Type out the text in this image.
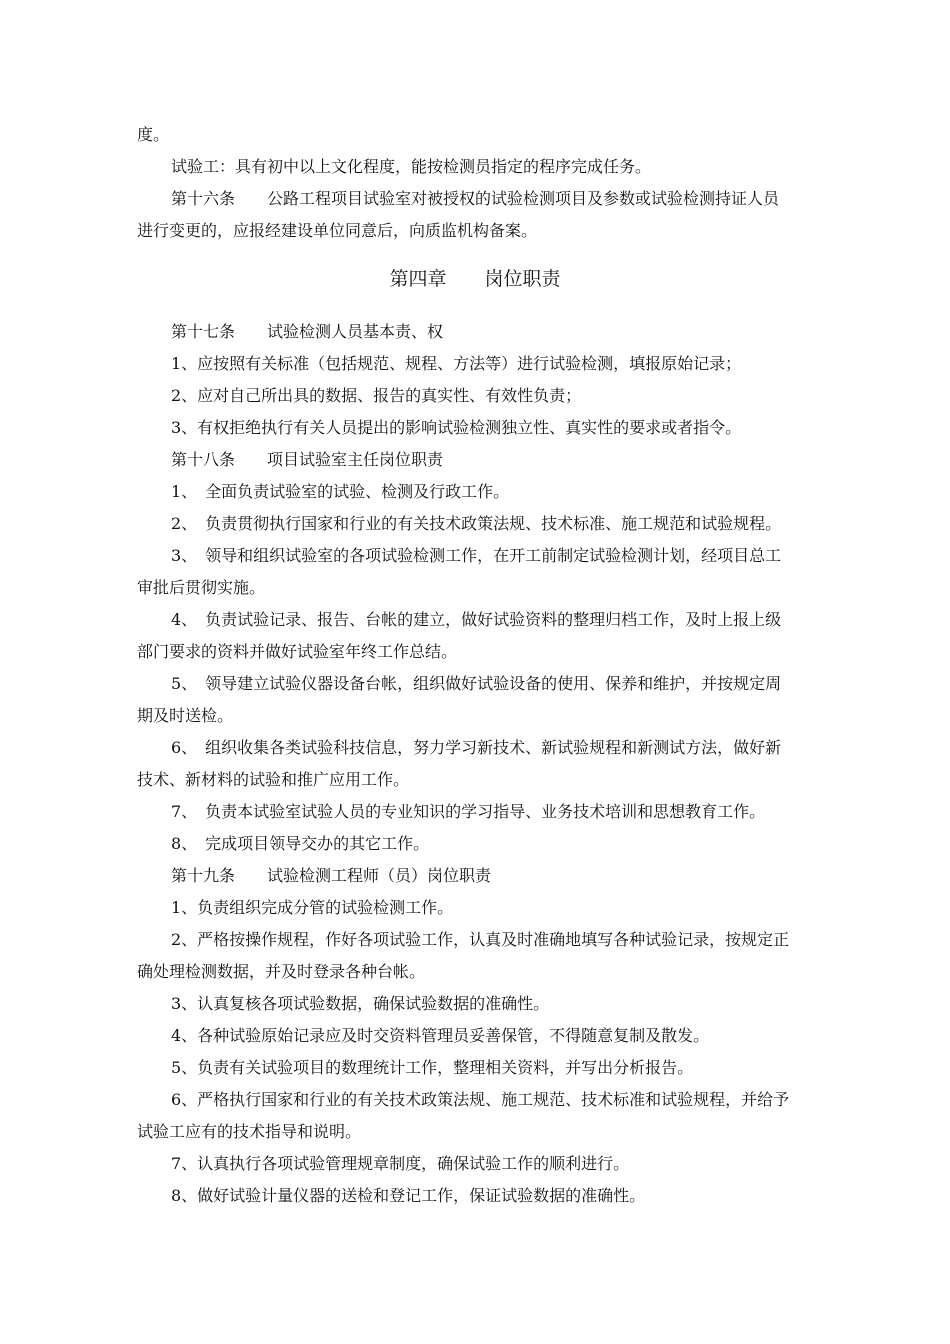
度。
试验工：具有初中以上文化程度，能按检测员指定的程序完成任务。
第十六条　　公路工程项目试验室对被授权的试验检测项目及参数或试验检测持证人员
进行变更的，应报经建设单位同意后，向质监机构备案。
第四章　　岗位职责
第十七条　　试验检测人员基本责、权
1、应按照有关标准（包括规范、规程、方法等）进行试验检测，填报原始记录；
2、应对自己所出具的数据、报告的真实性、有效性负责；
3、有权拒绝执行有关人员提出的影响试验检测独立性、真实性的要求或者指令。
第十八条　　项目试验室主任岗位职责
1、　全面负责试验室的试验、检测及行政工作。
2、　负责贯彻执行国家和行业的有关技术政策法规、技术标准、施工规范和试验规程。
3、　领导和组织试验室的各项试验检测工作，在开工前制定试验检测计划，经项目总工
审批后贯彻实施。
4、　负责试验记录、报告、台帐的建立，做好试验资料的整理归档工作，及时上报上级
部门要求的资料并做好试验室年终工作总结。
5、　领导建立试验仪器设备台帐，组织做好试验设备的使用、保养和维护，并按规定周
期及时送检。
6、　组织收集各类试验科技信息，努力学习新技术、新试验规程和新测试方法，做好新
技术、新材料的试验和推广应用工作。
7、　负责本试验室试验人员的专业知识的学习指导、业务技术培训和思想教育工作。
8、　完成项目领导交办的其它工作。
第十九条　　试验检测工程师（员）岗位职责
1、负责组织完成分管的试验检测工作。
2、严格按操作规程，作好各项试验工作，认真及时准确地填写各种试验记录，按规定正
确处理检测数据，并及时登录各种台帐。
3、认真复核各项试验数据，确保试验数据的准确性。
4、各种试验原始记录应及时交资料管理员妥善保管，不得随意复制及散发。
5、负责有关试验项目的数理统计工作，整理相关资料，并写出分析报告。
6、严格执行国家和行业的有关技术政策法规、施工规范、技术标准和试验规程，并给予
试验工应有的技术指导和说明。
7、认真执行各项试验管理规章制度，确保试验工作的顺利进行。
8、做好试验计量仪器的送检和登记工作，保证试验数据的准确性。
